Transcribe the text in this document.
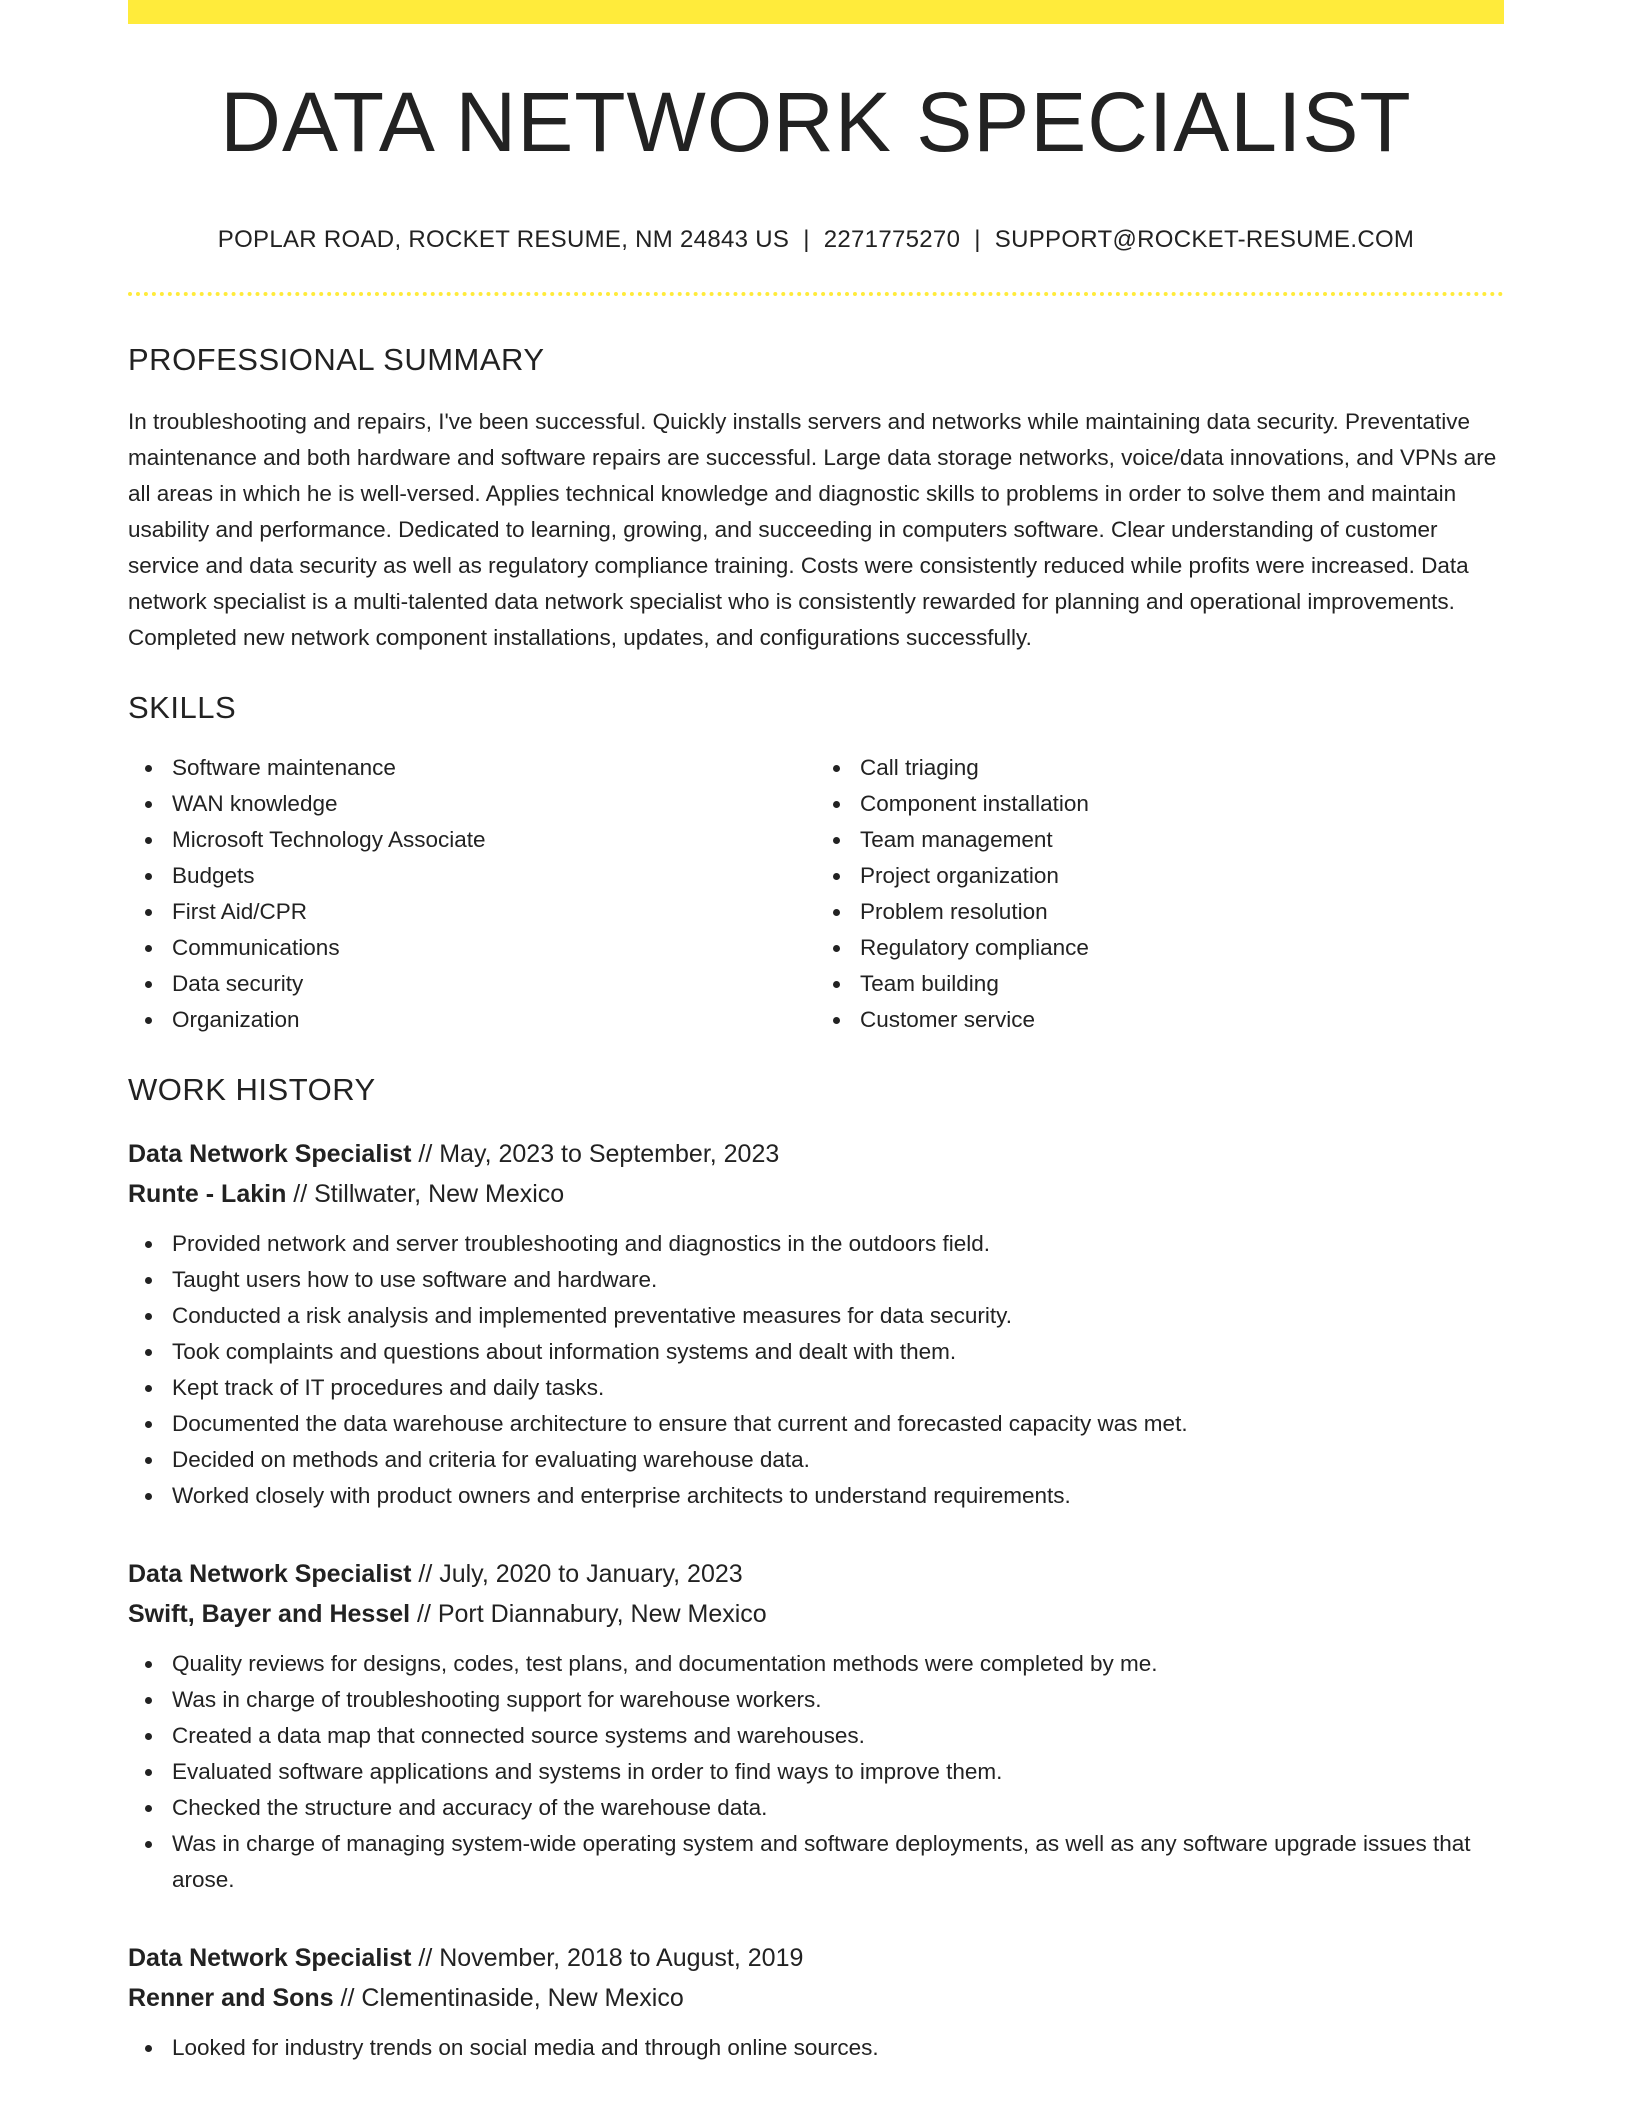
DATA NETWORK SPECIALIST
POPLAR ROAD, ROCKET RESUME, NM 24843 US | 2271775270 | SUPPORT@ROCKET-RESUME.COM
PROFESSIONAL SUMMARY

In troubleshooting and repairs, I've been successful. Quickly installs servers and networks while maintaining data security. Preventative maintenance and both hardware and software repairs are successful. Large data storage networks, voice/data innovations, and VPNs are all areas in which he is well-versed. Applies technical knowledge and diagnostic skills to problems in order to solve them and maintain usability and performance. Dedicated to learning, growing, and succeeding in computers software. Clear understanding of customer service and data security as well as regulatory compliance training. Costs were consistently reduced while profits were increased. Data network specialist is a multi-talented data network specialist who is consistently rewarded for planning and operational improvements. Completed new network component installations, updates, and configurations successfully.

SKILLS
Software maintenance
WAN knowledge
Microsoft Technology Associate
Budgets
First Aid/CPR
Communications
Data security
Organization
Call triaging
Component installation
Team management
Project organization
Problem resolution
Regulatory compliance
Team building
Customer service
WORK HISTORY
Data Network Specialist // May, 2023 to September, 2023
Runte - Lakin // Stillwater, New Mexico
Provided network and server troubleshooting and diagnostics in the outdoors field.
Taught users how to use software and hardware.
Conducted a risk analysis and implemented preventative measures for data security.
Took complaints and questions about information systems and dealt with them.
Kept track of IT procedures and daily tasks.
Documented the data warehouse architecture to ensure that current and forecasted capacity was met.
Decided on methods and criteria for evaluating warehouse data.
Worked closely with product owners and enterprise architects to understand requirements.
Data Network Specialist // July, 2020 to January, 2023
Swift, Bayer and Hessel // Port Diannabury, New Mexico
Quality reviews for designs, codes, test plans, and documentation methods were completed by me.
Was in charge of troubleshooting support for warehouse workers.
Created a data map that connected source systems and warehouses.
Evaluated software applications and systems in order to find ways to improve them.
Checked the structure and accuracy of the warehouse data.
Was in charge of managing system-wide operating system and software deployments, as well as any software upgrade issues that arose.
Data Network Specialist // November, 2018 to August, 2019
Renner and Sons // Clementinaside, New Mexico
Looked for industry trends on social media and through online sources.
